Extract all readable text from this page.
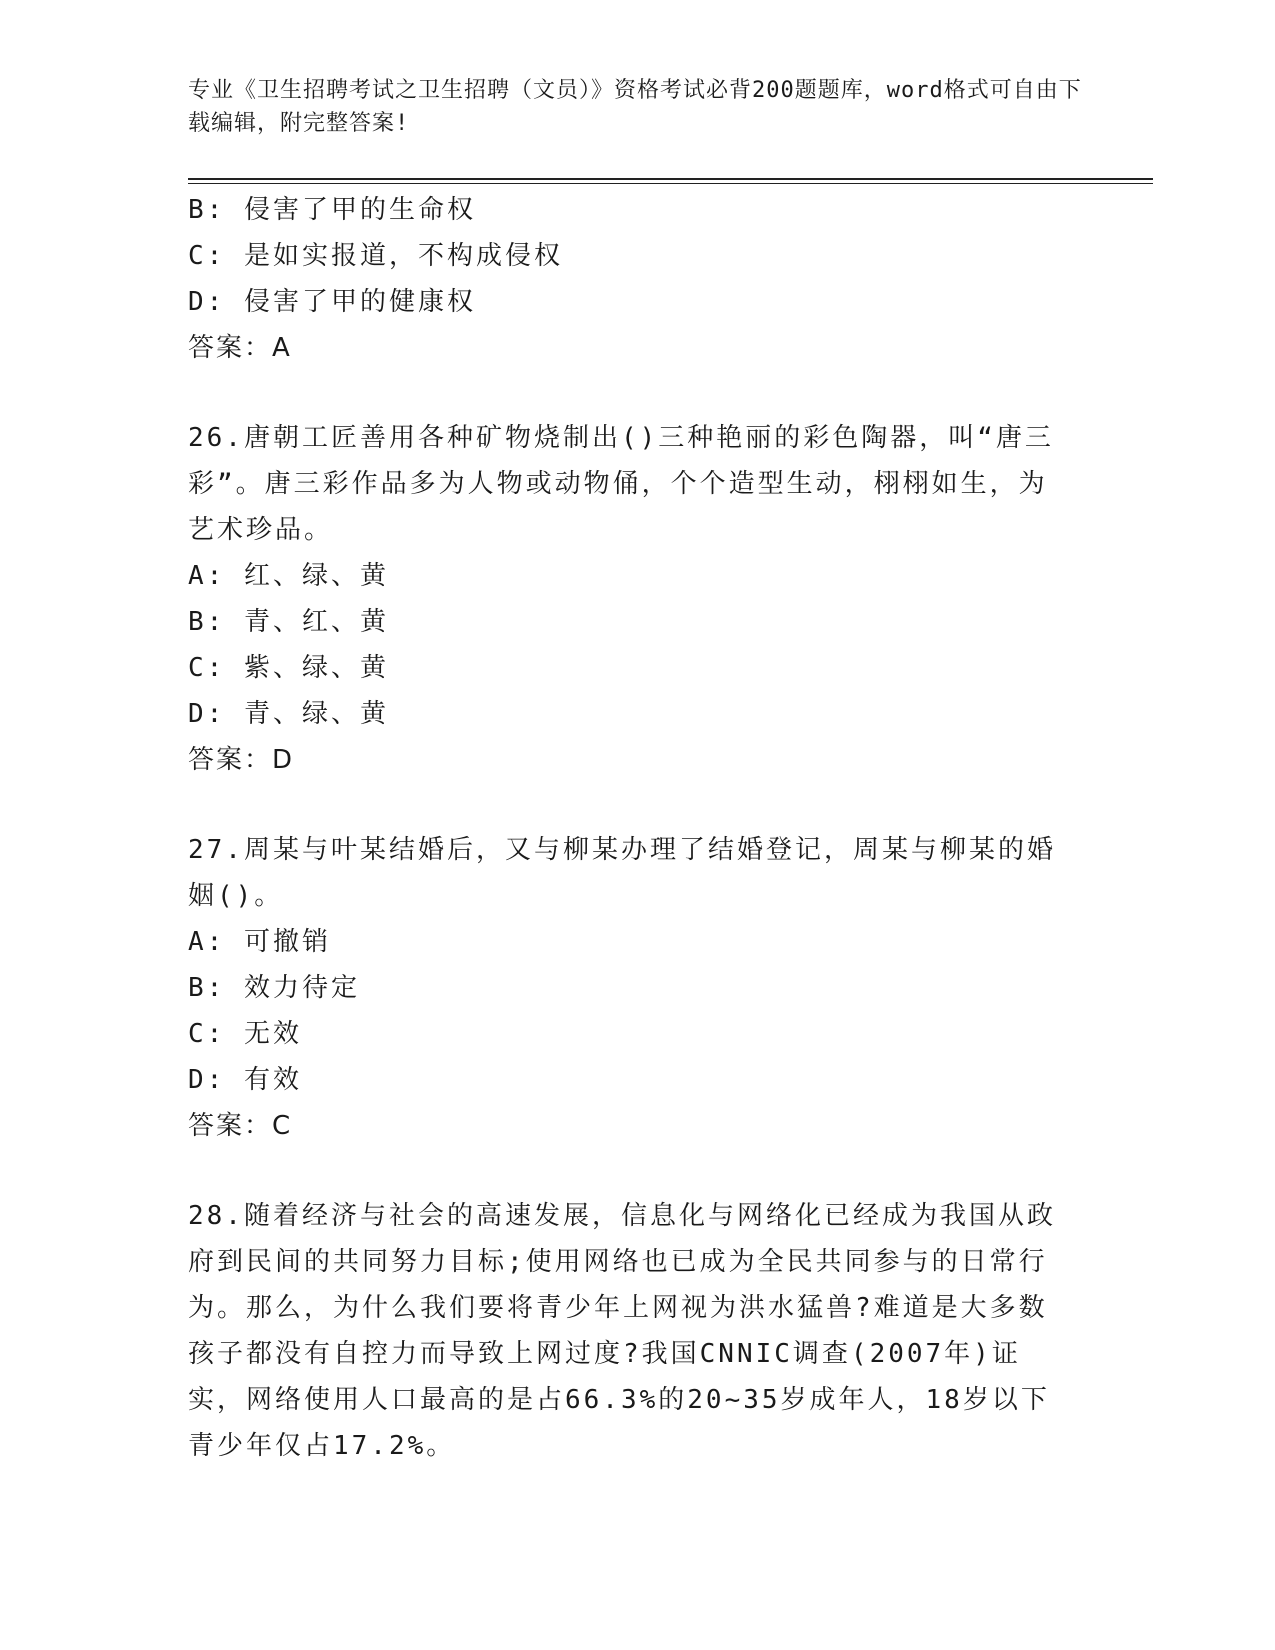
专业《卫生招聘考试之卫生招聘（文员）》资格考试必背200题题库，word格式可自由下载编辑，附完整答案!
B: 侵害了甲的生命权
C: 是如实报道，不构成侵权
D: 侵害了甲的健康权
答案：A
26.唐朝工匠善用各种矿物烧制出()三种艳丽的彩色陶器，叫“唐三彩”。唐三彩作品多为人物或动物俑，个个造型生动，栩栩如生，为艺术珍品。
A: 红、绿、黄
B: 青、红、黄
C: 紫、绿、黄
D: 青、绿、黄
答案：D
27.周某与叶某结婚后，又与柳某办理了结婚登记，周某与柳某的婚姻()。
A: 可撤销
B: 效力待定
C: 无效
D: 有效
答案：C
28.随着经济与社会的高速发展，信息化与网络化已经成为我国从政府到民间的共同努力目标;使用网络也已成为全民共同参与的日常行为。那么，为什么我们要将青少年上网视为洪水猛兽?难道是大多数孩子都没有自控力而导致上网过度?我国CNNIC调查(2007年)证实，网络使用人口最高的是占66.3%的20~35岁成年人，18岁以下青少年仅占17.2%。
